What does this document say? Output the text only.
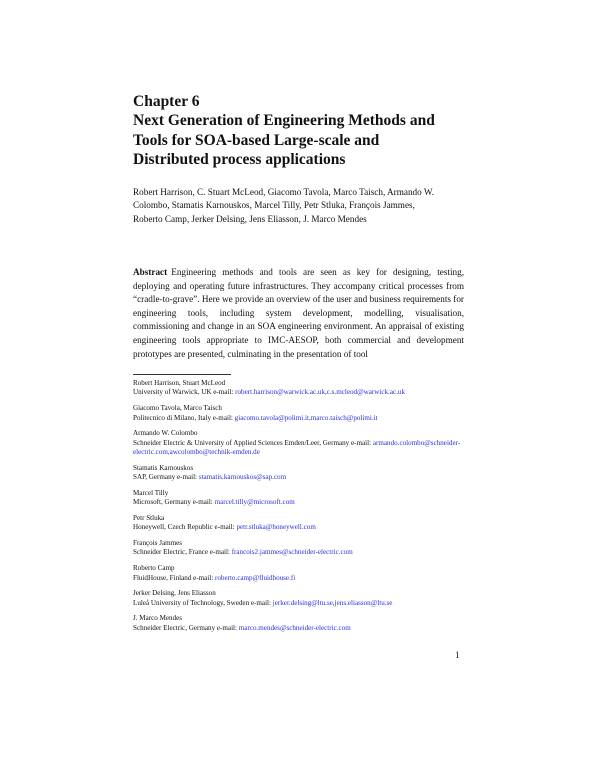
Chapter 6
Next Generation of Engineering Methods and
Tools for SOA-based Large-scale and
Distributed process applications
Robert Harrison, C. Stuart McLeod, Giacomo Tavola, Marco Taisch, Armando W.
Colombo, Stamatis Karnouskos, Marcel Tilly, Petr Stluka, François Jammes,
Roberto Camp, Jerker Delsing, Jens Eliasson, J. Marco Mendes
Abstract Engineering methods and tools are seen as key for designing, testing, deploying and operating future infrastructures. They accompany critical processes from “cradle-to-grave”. Here we provide an overview of the user and business requirements for engineering tools, including system development, modelling, visualisation, commissioning and change in an SOA engineering environment. An appraisal of existing engineering tools appropriate to IMC-AESOP, both commercial and development prototypes are presented, culminating in the presentation of tool
Robert Harrison, Stuart McLeod
University of Warwick, UK e-mail: robert.harrison@warwick.ac.uk,c.s.mcleod@warwick.ac.uk
Giacomo Tavola, Marco Taisch
Politecnico di Milano, Italy e-mail: giacomo.tavola@polimi.it,marco.taisch@polimi.it
Armando W. Colombo
Schneider Electric & University of Applied Sciences Emden/Leer, Germany e-mail: armando.colombo@schneider-electric.com,awcolombo@technik-emden.de
Stamatis Karnouskos
SAP, Germany e-mail: stamatis.karnouskos@sap.com
Marcel Tilly
Microsoft, Germany e-mail: marcel.tilly@microsoft.com
Petr Stluka
Honeywell, Czech Republic e-mail: petr.stluka@honeywell.com
François Jammes
Schneider Electric, France e-mail: francois2.jammes@schneider-electric.com
Roberto Camp
FluidHouse, Finland e-mail: roberto.camp@fluidhouse.fi
Jerker Delsing, Jens Eliasson
Luleå University of Technology, Sweden e-mail: jerker.delsing@ltu.se,jens.eliasson@ltu.se
J. Marco Mendes
Schneider Electric, Germany e-mail: marco.mendes@schneider-electric.com
1
